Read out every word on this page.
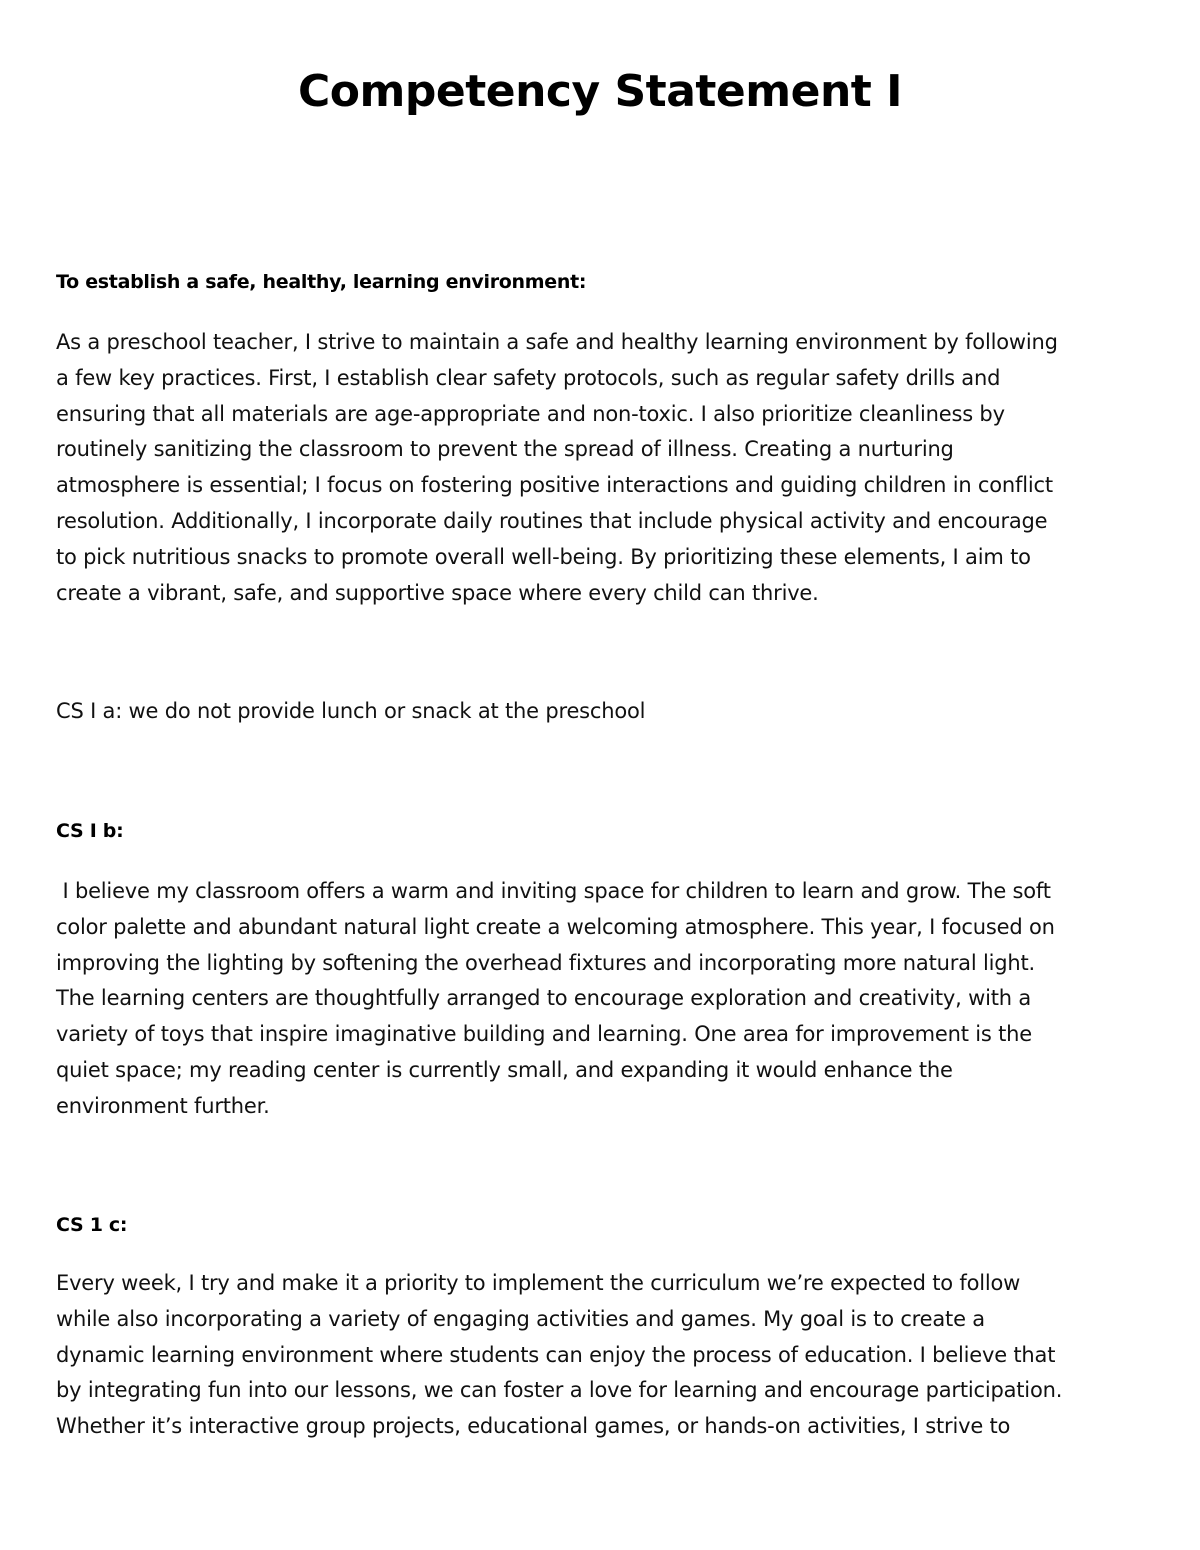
Competency Statement I

To establish a safe, healthy, learning environment:

As a preschool teacher, I strive to maintain a safe and healthy learning environment by following
a few key practices. First, I establish clear safety protocols, such as regular safety drills and
ensuring that all materials are age-appropriate and non-toxic. I also prioritize cleanliness by
routinely sanitizing the classroom to prevent the spread of illness. Creating a nurturing
atmosphere is essential; I focus on fostering positive interactions and guiding children in conflict
resolution. Additionally, I incorporate daily routines that include physical activity and encourage
to pick nutritious snacks to promote overall well-being. By prioritizing these elements, I aim to
create a vibrant, safe, and supportive space where every child can thrive.

CS I a: we do not provide lunch or snack at the preschool

CS I b:

I believe my classroom offers a warm and inviting space for children to learn and grow. The soft
color palette and abundant natural light create a welcoming atmosphere. This year, I focused on
improving the lighting by softening the overhead fixtures and incorporating more natural light.
The learning centers are thoughtfully arranged to encourage exploration and creativity, with a
variety of toys that inspire imaginative building and learning. One area for improvement is the
quiet space; my reading center is currently small, and expanding it would enhance the
environment further.

CS 1 c:

Every week, I try and make it a priority to implement the curriculum we’re expected to follow
while also incorporating a variety of engaging activities and games. My goal is to create a
dynamic learning environment where students can enjoy the process of education. I believe that
by integrating fun into our lessons, we can foster a love for learning and encourage participation.
Whether it’s interactive group projects, educational games, or hands-on activities, I strive to
